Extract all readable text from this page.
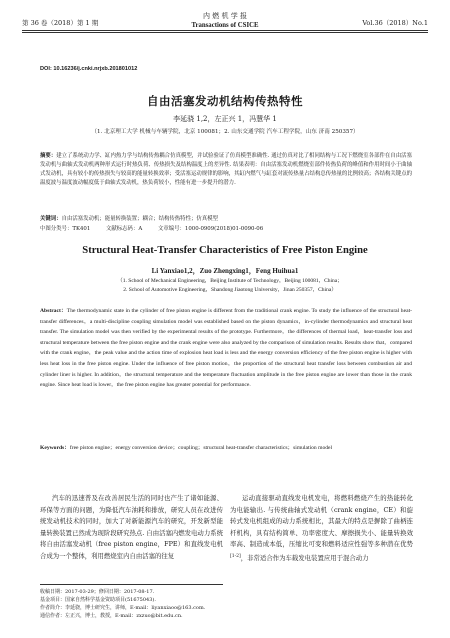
第 36 卷（2018）第 1 期
内 燃 机 学 报
Transactions of CSICE	Vol.36（2018）No.1
DOI: 10.16236/j.cnki.nrjxb.201801012
自由活塞发动机结构传热特性
李延骁 1,2，左正兴 1，冯慧华 1
（1. 北京理工大学 机械与车辆学院，北京 100081；2. 山东交通学院 汽车工程学院，山东 济南 250357）
摘要：建立了系统动力学、缸内热力学与结构传热耦合仿真模型，并试验验证了仿真模型准确性. 通过仿真对比了相同结构与工况下燃烧室各部件在自由活塞发动机与曲轴式发动机两种形式运行时热负荷、传热损失及结构温度上的差异性. 结果表明：自由活塞发动机燃烧室部件传热负荷的峰值和作用时间小于曲轴式发动机，具有较小的传热损失与较高的能量转换效率；受活塞运动规律的影响，其缸内燃气与缸套对流传热量占结构总传热量的比例较高；各结构关键点的温度波与温度波动幅度低于曲轴式发动机，热负荷较小，性能有进一步提升的潜力.
关键词：自由活塞发动机；能量转换装置；耦合；结构传热特性；仿真模型
中图分类号：TK401	文献标志码：A	文章编号：1000-0909(2018)01-0090-06
Structural Heat-Transfer Characteristics of Free Piston Engine
Li Yanxiao1,2，Zuo Zhengxing1，Feng Huihua1
（1. School of Mechanical Engineering，Beijing Institute of Technology，Beijing 100081，China；
2. School of Automotive Engineering，Shandong Jiaotong University，Jinan 250357，China）
Abstract：The thermodynamic state in the cylinder of free piston engine is different from the traditional crank engine. To study the influence of the structural heat-transfer differences，a multi-discipline coupling simulation model was established based on the piston dynamics，in-cylinder thermodynamics and structural heat transfer. The simulation model was then verified by the experimental results of the prototype. Furthermore，the differences of thermal load，heat-transfer loss and structural temperature between the free piston engine and the crank engine were also analyzed by the comparison of simulation results. Results show that，compared with the crank engine，the peak value and the action time of explosion heat load is less and the energy conversion efficiency of the free piston engine is higher with less heat loss in the free piston engine. Under the influence of free piston motion，the proportion of the structural heat transfer loss between combustion air and cylinder liner is higher. In addition，the structural temperature and the temperature fluctuation amplitude in the free piston engine are lower than those in the crank engine. Since heat load is lower，the free piston engine has greater potential for performance.
Keywords：free piston engine；energy conversion device；coupling；structural heat-transfer characteristics；simulation model
汽车的迅速普及在改善居民生活的同时也产生了诸如能源、环保等方面的问题，为降低汽车油耗和排放，研究人员在改进传统发动机技术的同时，加大了对新能源汽车的研究，开发新型能量转换装置已然成为现阶段研究热点. 自由活塞内燃发电动力系统将自由活塞发动机（free piston engine，FPE）和直线发电机合成为一个整体，利用燃烧室内自由活塞的往复
运动直接驱动直线发电机发电，将燃料燃烧产生的热能转化为电能输出. 与传统曲轴式发动机（crank engine，CE）和旋转式发电机组成的动力系统相比，其最大的特点是摒除了曲柄连杆机构，具有结构简单、功率密度大、摩擦损失小、能量转换效率高、制造成本低，压缩比可变和燃料适应性强等多种潜在优势[1-2]，非常适合作为车载发电装置应用于混合动力
收稿日期：2017-03-29；修回日期：2017-08-17.
基金项目：国家自然科学基金资助项目(51675043).
作者简介：李延骁，博士研究生，讲师，E-mail：liyanxiaoo@163.com.
通信作者：左正兴，博士，教授，E-mail：zxzuo@bit.edu.cn.
